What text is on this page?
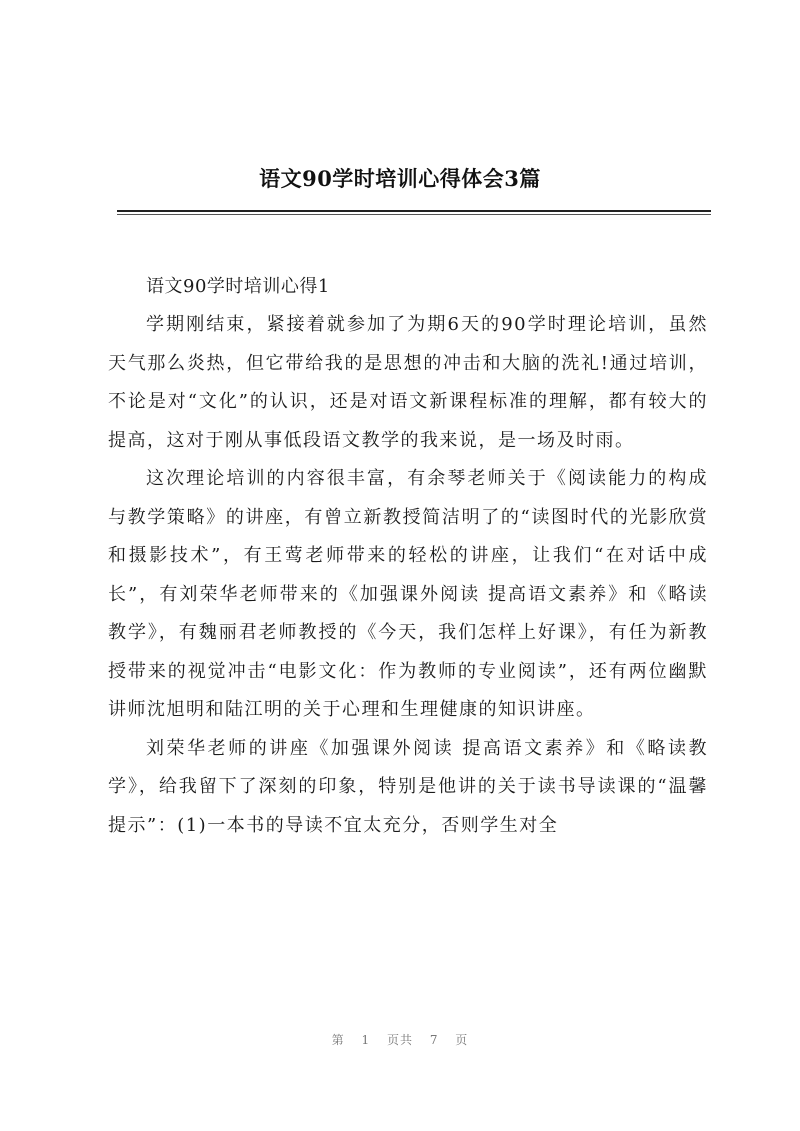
语文90学时培训心得体会3篇

语文90学时培训心得1

学期刚结束，紧接着就参加了为期6天的90学时理论培训，虽然天气那么炎热，但它带给我的是思想的冲击和大脑的洗礼!通过培训，不论是对“文化”的认识，还是对语文新课程标准的理解，都有较大的提高，这对于刚从事低段语文教学的我来说，是一场及时雨。

这次理论培训的内容很丰富，有余琴老师关于《阅读能力的构成与教学策略》的讲座，有曾立新教授简洁明了的“读图时代的光影欣赏和摄影技术”，有王莺老师带来的轻松的讲座，让我们“在对话中成长”，有刘荣华老师带来的《加强课外阅读 提高语文素养》和《略读教学》，有魏丽君老师教授的《今天，我们怎样上好课》，有任为新教授带来的视觉冲击“电影文化：作为教师的专业阅读”，还有两位幽默讲师沈旭明和陆江明的关于心理和生理健康的知识讲座。

刘荣华老师的讲座《加强课外阅读 提高语文素养》和《略读教学》，给我留下了深刻的印象，特别是他讲的关于读书导读课的“温馨提示”：(1)一本书的导读不宜太充分，否则学生对全

第 1 页共 7 页
